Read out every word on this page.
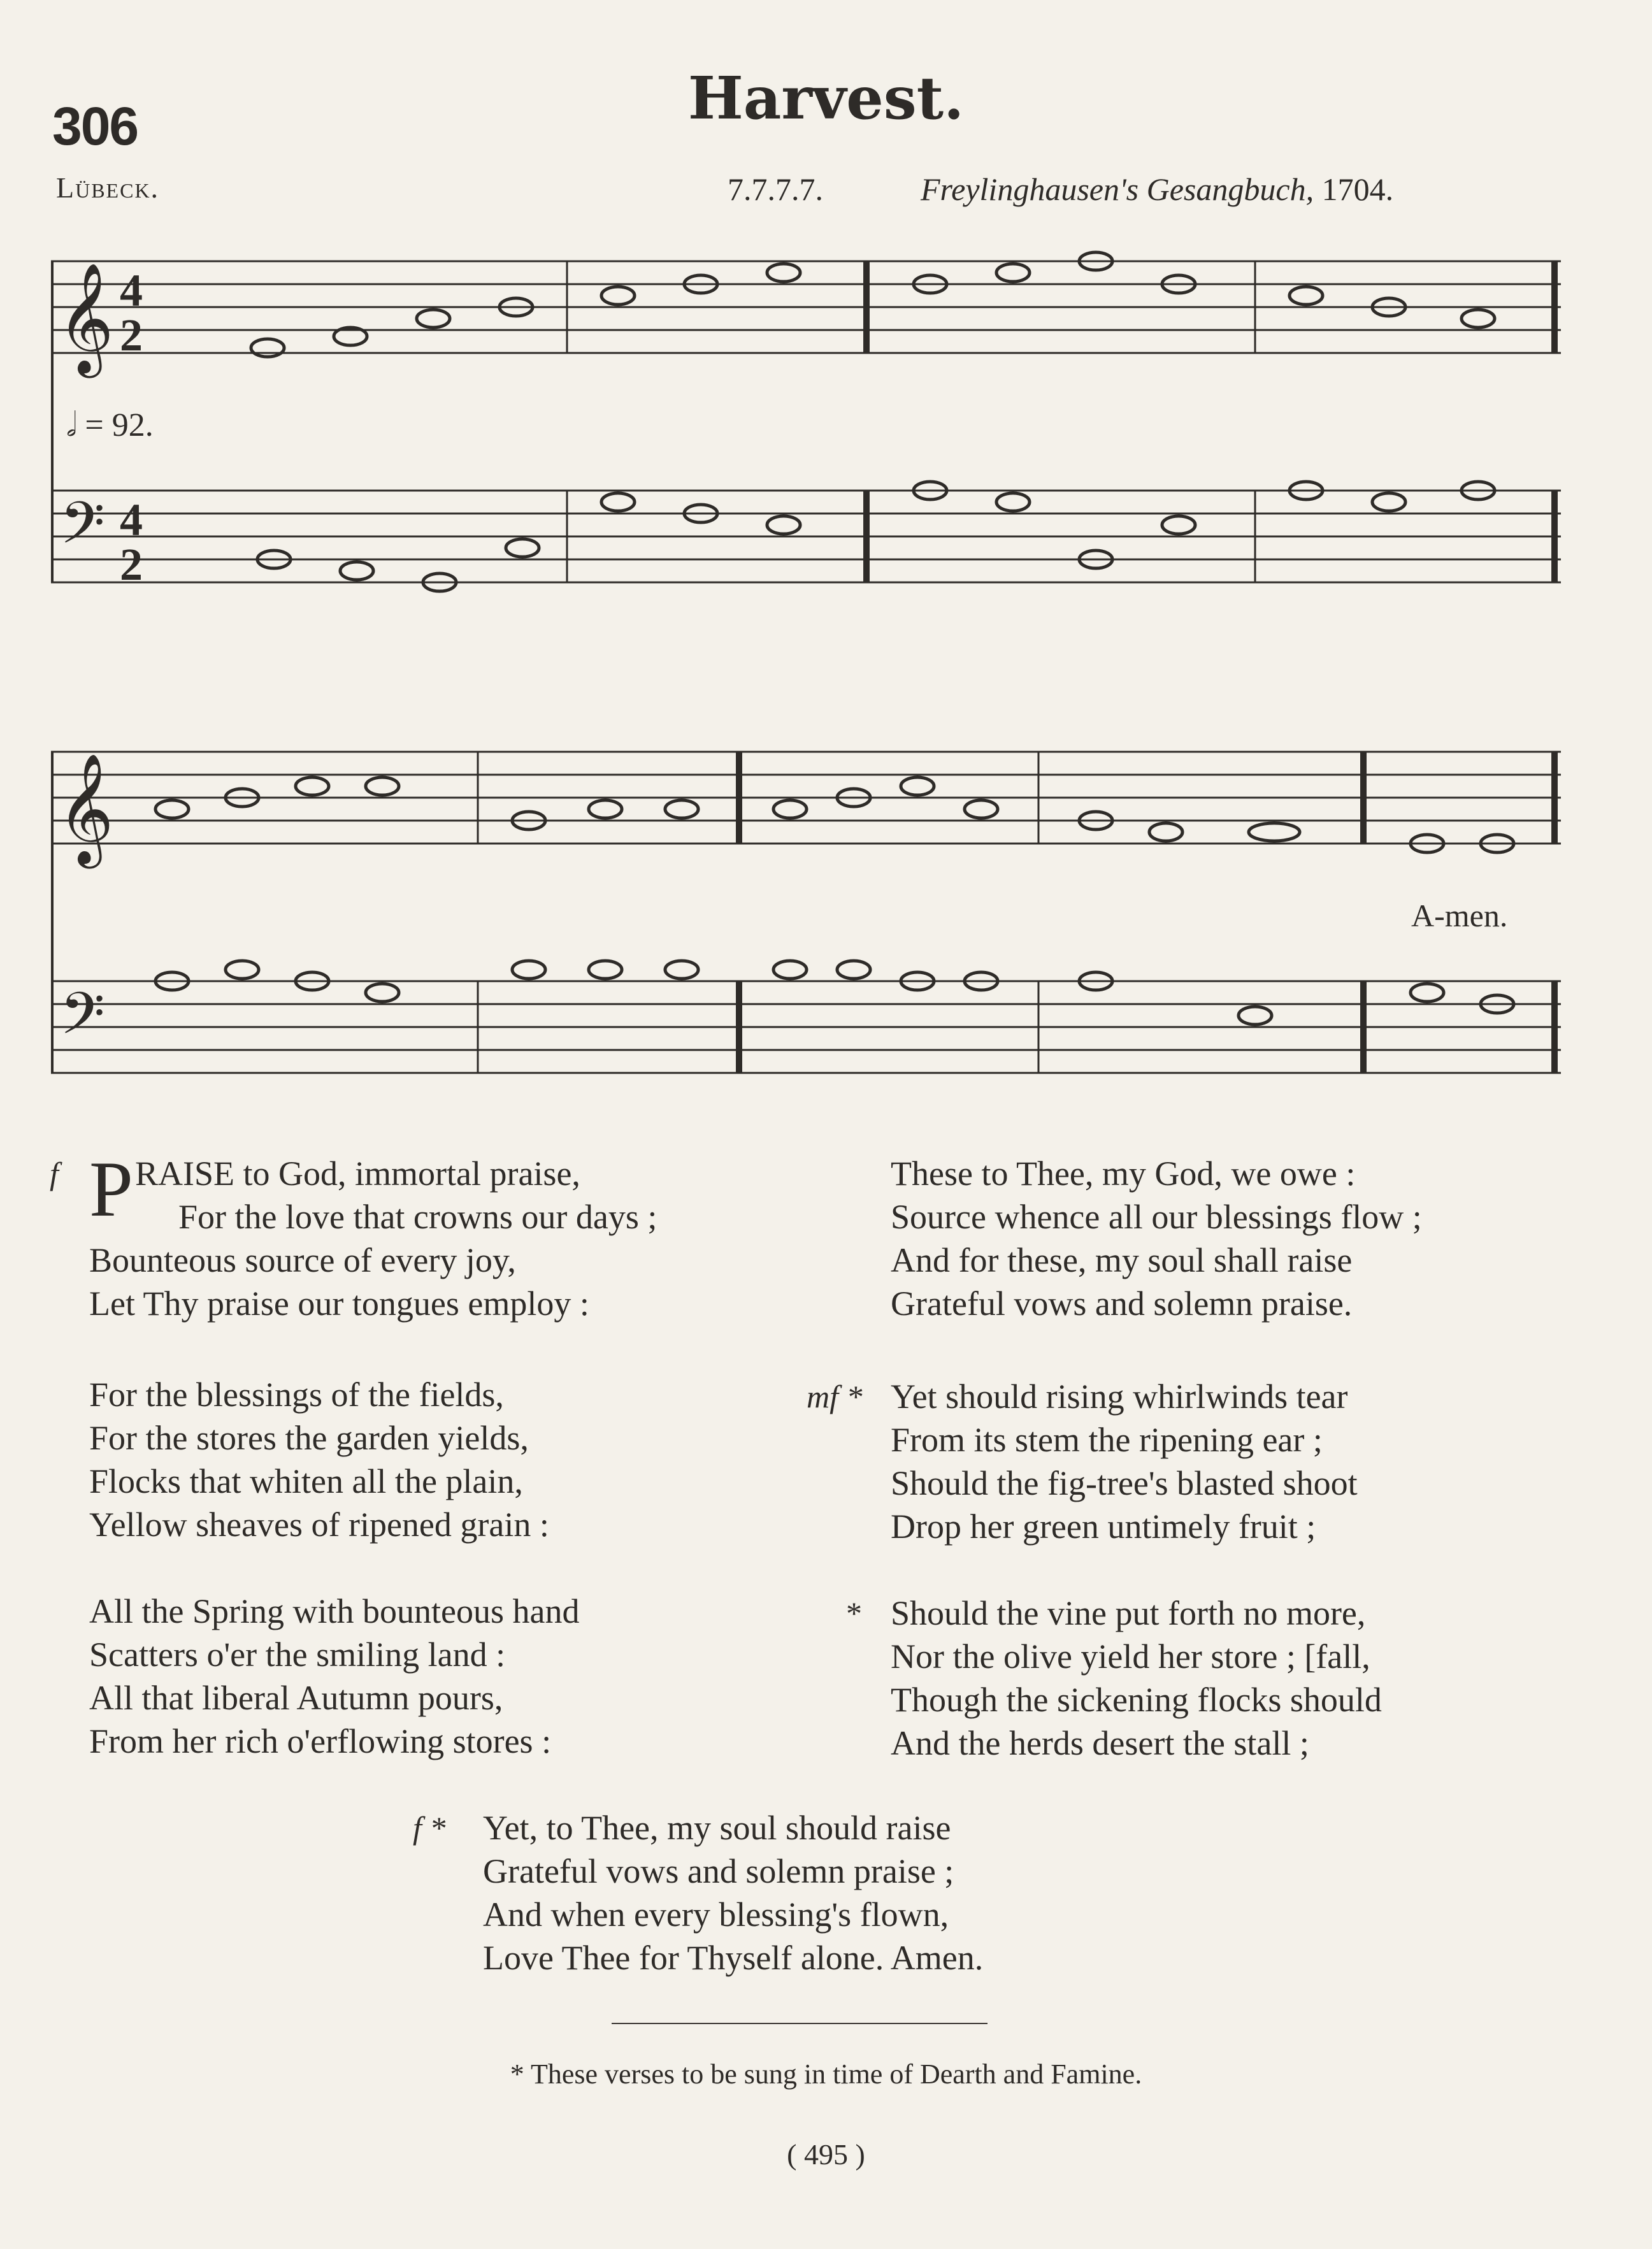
306	Harvest.
Lübeck.	7.7.7.7.	Freylinghausen's Gesangbuch, 1704.
𝄞
𝄢
4
2
4
2
𝅗𝅥 = 92.
𝄞
𝄢
A-men.
f P RAISE to God, immortal praise,
For the love that crowns our days ;
Bounteous source of every joy,
Let Thy praise our tongues employ :
For the blessings of the fields,
For the stores the garden yields,
Flocks that whiten all the plain,
Yellow sheaves of ripened grain :
All the Spring with bounteous hand
Scatters o'er the smiling land :
All that liberal Autumn pours,
From her rich o'erflowing stores :
These to Thee, my God, we owe :
Source whence all our blessings flow ;
And for these, my soul shall raise
Grateful vows and solemn praise.
mf * Yet should rising whirlwinds tear
From its stem the ripening ear ;
Should the fig-tree's blasted shoot
Drop her green untimely fruit ;
* Should the vine put forth no more,
Nor the olive yield her store ; [fall,
Though the sickening flocks should
And the herds desert the stall ;
f * Yet, to Thee, my soul should raise
Grateful vows and solemn praise ;
And when every blessing's flown,
Love Thee for Thyself alone. Amen.
* These verses to be sung in time of Dearth and Famine.
( 495 )
